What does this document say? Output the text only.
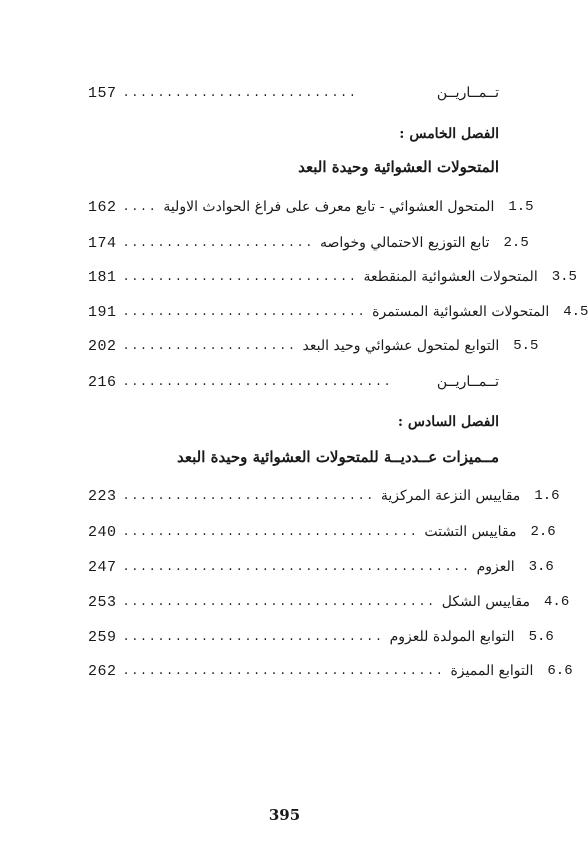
157 ...........................	تــمــاريــن
الفصل الخامس :
المتحولات العشوائية وحيدة البعد
162 .... المتحول العشوائي - تابع معرف على فراغ الحوادث الاولية 1.5
174 ...................... تابع التوزيع الاحتمالي وخواصه 2.5
181 ........................... المتحولات العشوائية المنقطعة 3.5
191 ............................ المتحولات العشوائية المستمرة 4.5
202 .................... التوابع لمتحول عشوائي وحيد البعد 5.5
216 ...............................	تــمــاريــن
الفصل السادس :
مــميزات عــدديــة للمتحولات العشوائية وحيدة البعد
223 ............................. مقاييس النزعة المركزية 1.6
240 .................................. مقاييس التشتت 2.6
247 ........................................ العزوم 3.6
253 .................................... مقاييس الشكل 4.6
259 .............................. التوابع المولدة للعزوم 5.6
262 ..................................... التوابع المميزة 6.6
395
